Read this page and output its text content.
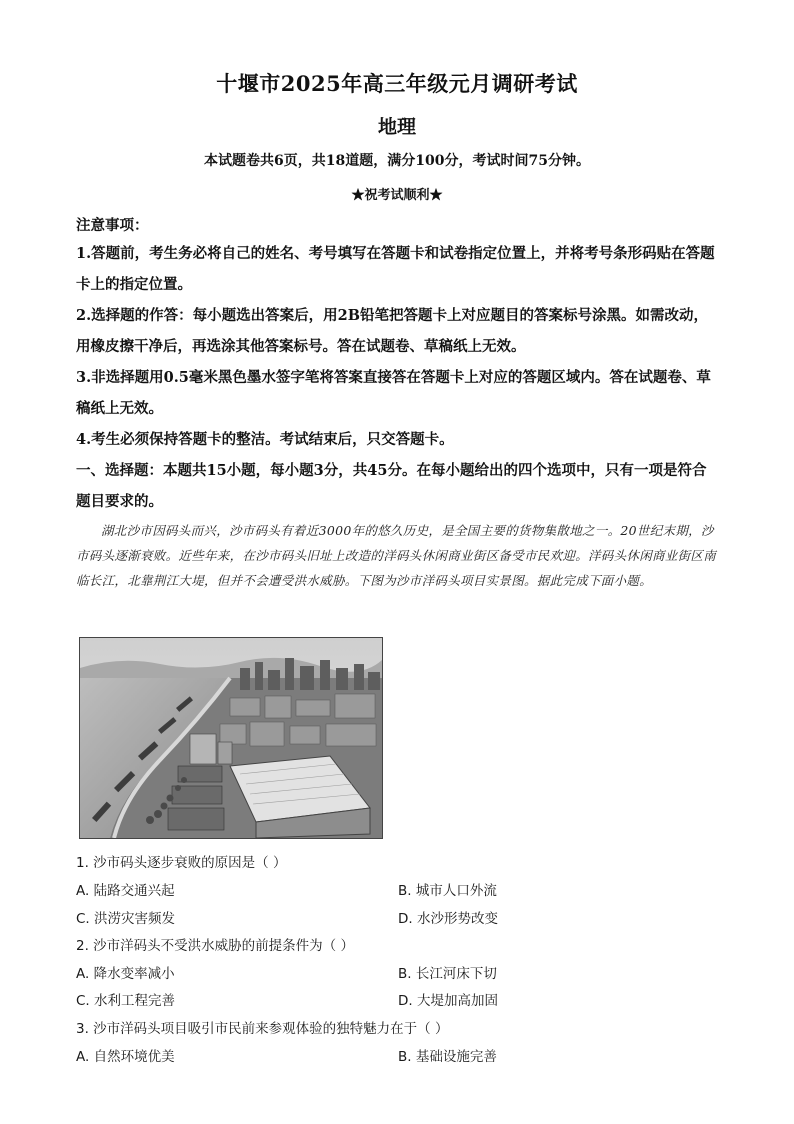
十堰市2025年高三年级元月调研考试
地理
本试题卷共6页，共18道题，满分100分，考试时间75分钟。
★祝考试顺利★
注意事项：

1.答题前，考生务必将自己的姓名、考号填写在答题卡和试卷指定位置上，并将考号条形码贴在答题卡上的指定位置。

2.选择题的作答：每小题选出答案后，用2B铅笔把答题卡上对应题目的答案标号涂黑。如需改动，用橡皮擦干净后，再选涂其他答案标号。答在试题卷、草稿纸上无效。

3.非选择题用0.5毫米黑色墨水签字笔将答案直接答在答题卡上对应的答题区域内。答在试题卷、草稿纸上无效。

4.考生必须保持答题卡的整洁。考试结束后，只交答题卡。

一、选择题：本题共15小题，每小题3分，共45分。在每小题给出的四个选项中，只有一项是符合题目要求的。
湖北沙市因码头而兴，沙市码头有着近3000年的悠久历史，是全国主要的货物集散地之一。20世纪末期，沙市码头逐渐衰败。近些年来，在沙市码头旧址上改造的洋码头休闲商业街区备受市民欢迎。洋码头休闲商业街区南临长江，北靠荆江大堤，但并不会遭受洪水威胁。下图为沙市洋码头项目实景图。据此完成下面小题。
1. 沙市码头逐步衰败的原因是（ ）
A. 陆路交通兴起	B. 城市人口外流
C. 洪涝灾害频发	D. 水沙形势改变
2. 沙市洋码头不受洪水威胁的前提条件为（ ）
A. 降水变率减小	B. 长江河床下切
C. 水利工程完善	D. 大堤加高加固
3. 沙市洋码头项目吸引市民前来参观体验的独特魅力在于（ ）
A. 自然环境优美	B. 基础设施完善
